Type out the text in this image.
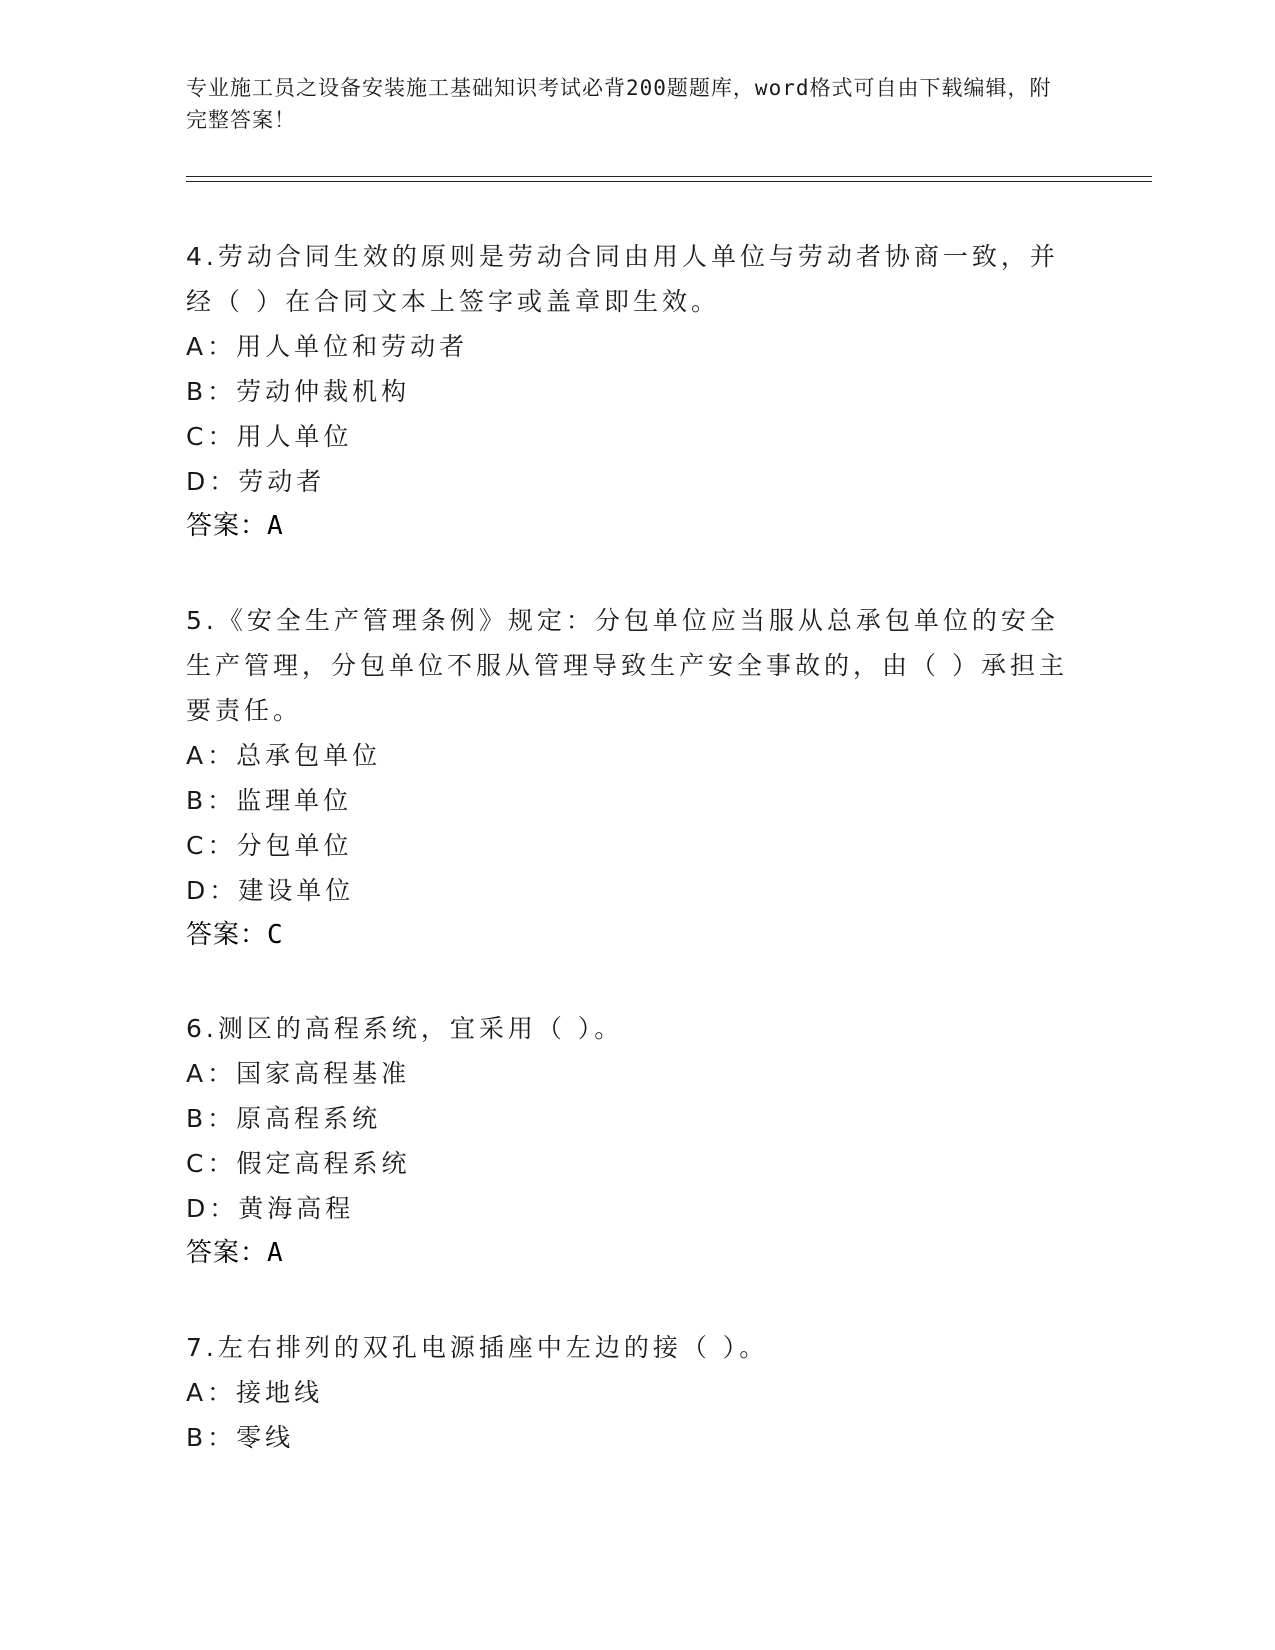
专业施工员之设备安装施工基础知识考试必背200题题库，word格式可自由下载编辑，附完整答案！

4.劳动合同生效的原则是劳动合同由用人单位与劳动者协商一致，并经（ ）在合同文本上签字或盖章即生效。

A：用人单位和劳动者

B：劳动仲裁机构

C：用人单位

D：劳动者

答案：A

5.《安全生产管理条例》规定：分包单位应当服从总承包单位的安全生产管理，分包单位不服从管理导致生产安全事故的，由（ ）承担主要责任。

A：总承包单位

B：监理单位

C：分包单位

D：建设单位

答案：C

6.测区的高程系统，宜采用（ ）。

A：国家高程基准

B：原高程系统

C：假定高程系统

D：黄海高程

答案：A

7.左右排列的双孔电源插座中左边的接（ ）。

A：接地线

B：零线
